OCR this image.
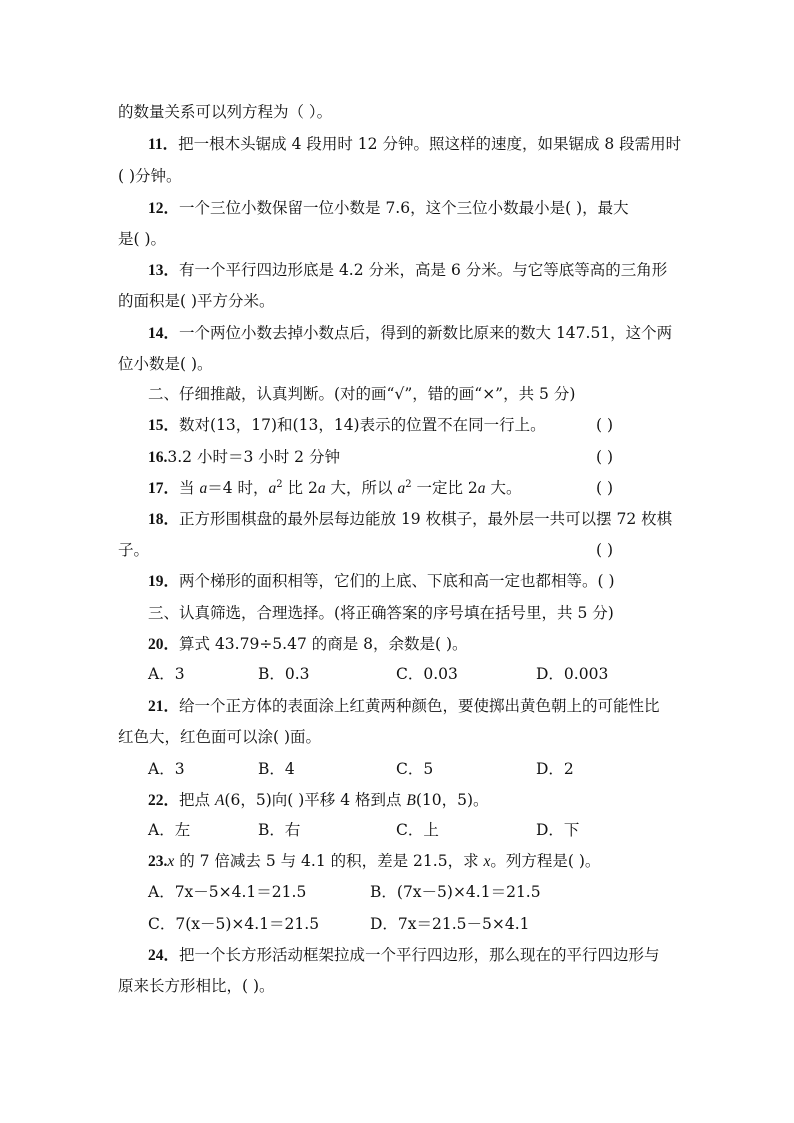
的数量关系可以列方程为（ ）。
11．把一根木头锯成 4 段用时 12 分钟。照这样的速度，如果锯成 8 段需用时
( )分钟。
12．一个三位小数保留一位小数是 7.6，这个三位小数最小是( )，最大
是( )。
13．有一个平行四边形底是 4.2 分米，高是 6 分米。与它等底等高的三角形
的面积是( )平方分米。
14．一个两位小数去掉小数点后，得到的新数比原来的数大 147.51，这个两
位小数是( )。
二、仔细推敲，认真判断。(对的画“√”，错的画“×”，共 5 分)
15．数对(13，17)和(13，14)表示的位置不在同一行上。	( )
16.3.2 小时＝3 小时 2 分钟	( )
17．当 a＝4 时，$a^2$ 比 2a 大，所以 $a^2$ 一定比 2a 大。	( )
18．正方形围棋盘的最外层每边能放 19 枚棋子，最外层一共可以摆 72 枚棋
子。	( )
19．两个梯形的面积相等，它们的上底、下底和高一定也都相等。( )
三、认真筛选，合理选择。(将正确答案的序号填在括号里，共 5 分)
20．算式 43.79÷5.47 的商是 8，余数是( )。
A．3	B．0.3	C．0.03	D．0.003
21．给一个正方体的表面涂上红黄两种颜色，要使掷出黄色朝上的可能性比
红色大，红色面可以涂( )面。
A．3	B．4	C．5	D．2
22．把点 A(6，5)向( )平移 4 格到点 B(10，5)。
A．左	B．右	C．上	D．下
23.x 的 7 倍减去 5 与 4.1 的积，差是 21.5，求 x。列方程是( )。
A．7x－5×4.1＝21.5	B．(7x－5)×4.1＝21.5
C．7(x－5)×4.1＝21.5	D．7x＝21.5－5×4.1
24．把一个长方形活动框架拉成一个平行四边形，那么现在的平行四边形与
原来长方形相比，( )。
